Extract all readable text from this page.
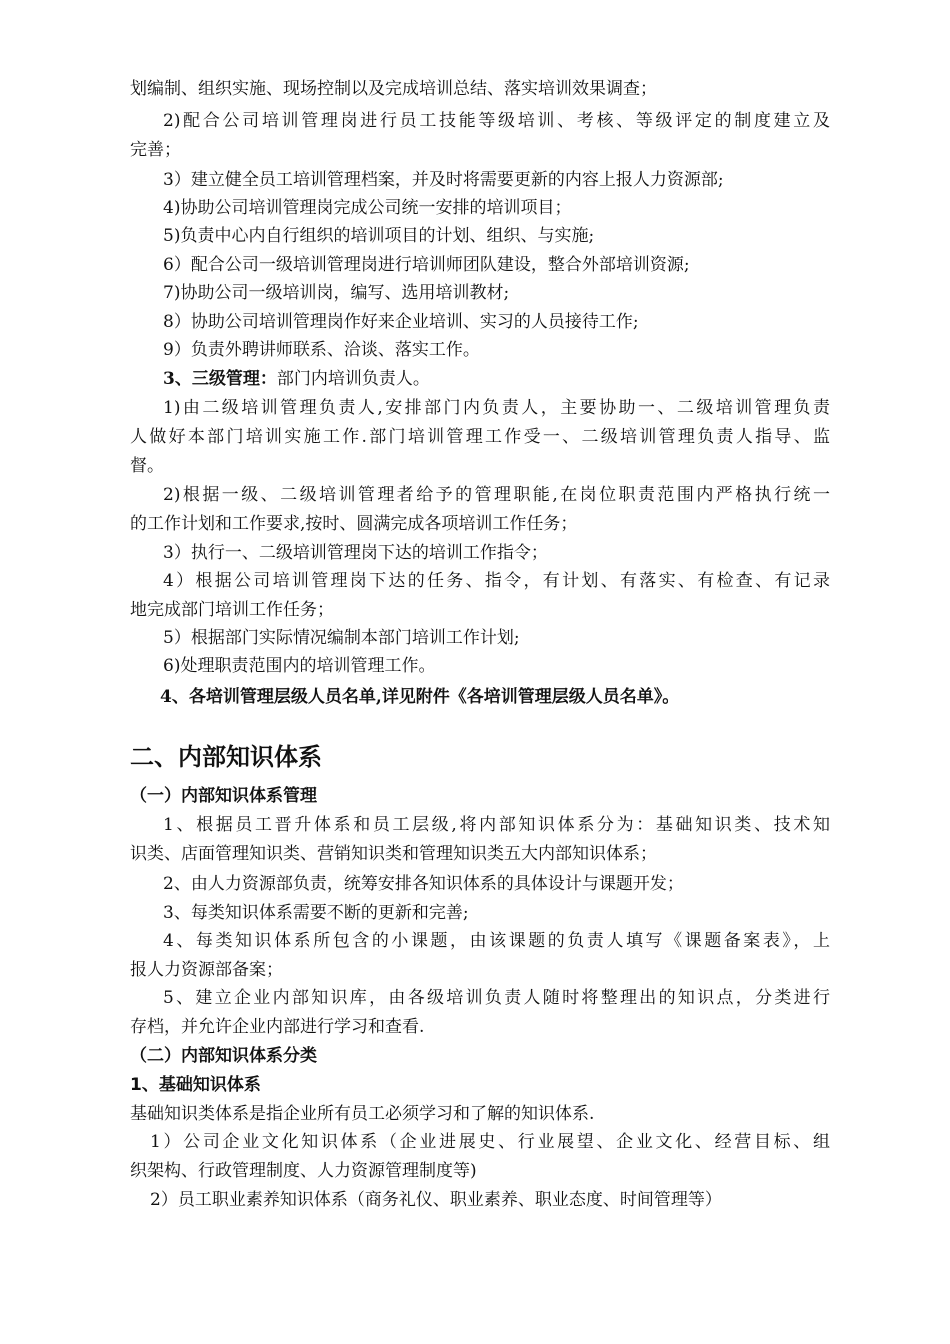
划编制、组织实施、现场控制以及完成培训总结、落实培训效果调查；
2)配合公司培训管理岗进行员工技能等级培训、考核、等级评定的制度建立及
完善；
3）建立健全员工培训管理档案，并及时将需要更新的内容上报人力资源部;
4)协助公司培训管理岗完成公司统一安排的培训项目；
5)负责中心内自行组织的培训项目的计划、组织、与实施;
6）配合公司一级培训管理岗进行培训师团队建设，整合外部培训资源;
7)协助公司一级培训岗，编写、选用培训教材;
8）协助公司培训管理岗作好来企业培训、实习的人员接待工作;
9）负责外聘讲师联系、洽谈、落实工作。
3、三级管理：部门内培训负责人。
1)由二级培训管理负责人,安排部门内负责人，主要协助一、二级培训管理负责
人做好本部门培训实施工作.部门培训管理工作受一、二级培训管理负责人指导、监
督。
2)根据一级、二级培训管理者给予的管理职能,在岗位职责范围内严格执行统一
的工作计划和工作要求,按时、圆满完成各项培训工作任务；
3）执行一、二级培训管理岗下达的培训工作指令；
4）根据公司培训管理岗下达的任务、指令，有计划、有落实、有检查、有记录
地完成部门培训工作任务；
5）根据部门实际情况编制本部门培训工作计划;
6)处理职责范围内的培训管理工作。
4、各培训管理层级人员名单,详见附件《各培训管理层级人员名单》。
二、内部知识体系
（一）内部知识体系管理
1、根据员工晋升体系和员工层级,将内部知识体系分为：基础知识类、技术知
识类、店面管理知识类、营销知识类和管理知识类五大内部知识体系；
2、由人力资源部负责，统筹安排各知识体系的具体设计与课题开发；
3、每类知识体系需要不断的更新和完善;
4、每类知识体系所包含的小课题，由该课题的负责人填写《课题备案表》，上
报人力资源部备案；
5、建立企业内部知识库，由各级培训负责人随时将整理出的知识点，分类进行
存档，并允许企业内部进行学习和查看.
（二）内部知识体系分类
1、基础知识体系
基础知识类体系是指企业所有员工必须学习和了解的知识体系.
1）公司企业文化知识体系（企业进展史、行业展望、企业文化、经营目标、组
织架构、行政管理制度、人力资源管理制度等)
2）员工职业素养知识体系（商务礼仪、职业素养、职业态度、时间管理等）
